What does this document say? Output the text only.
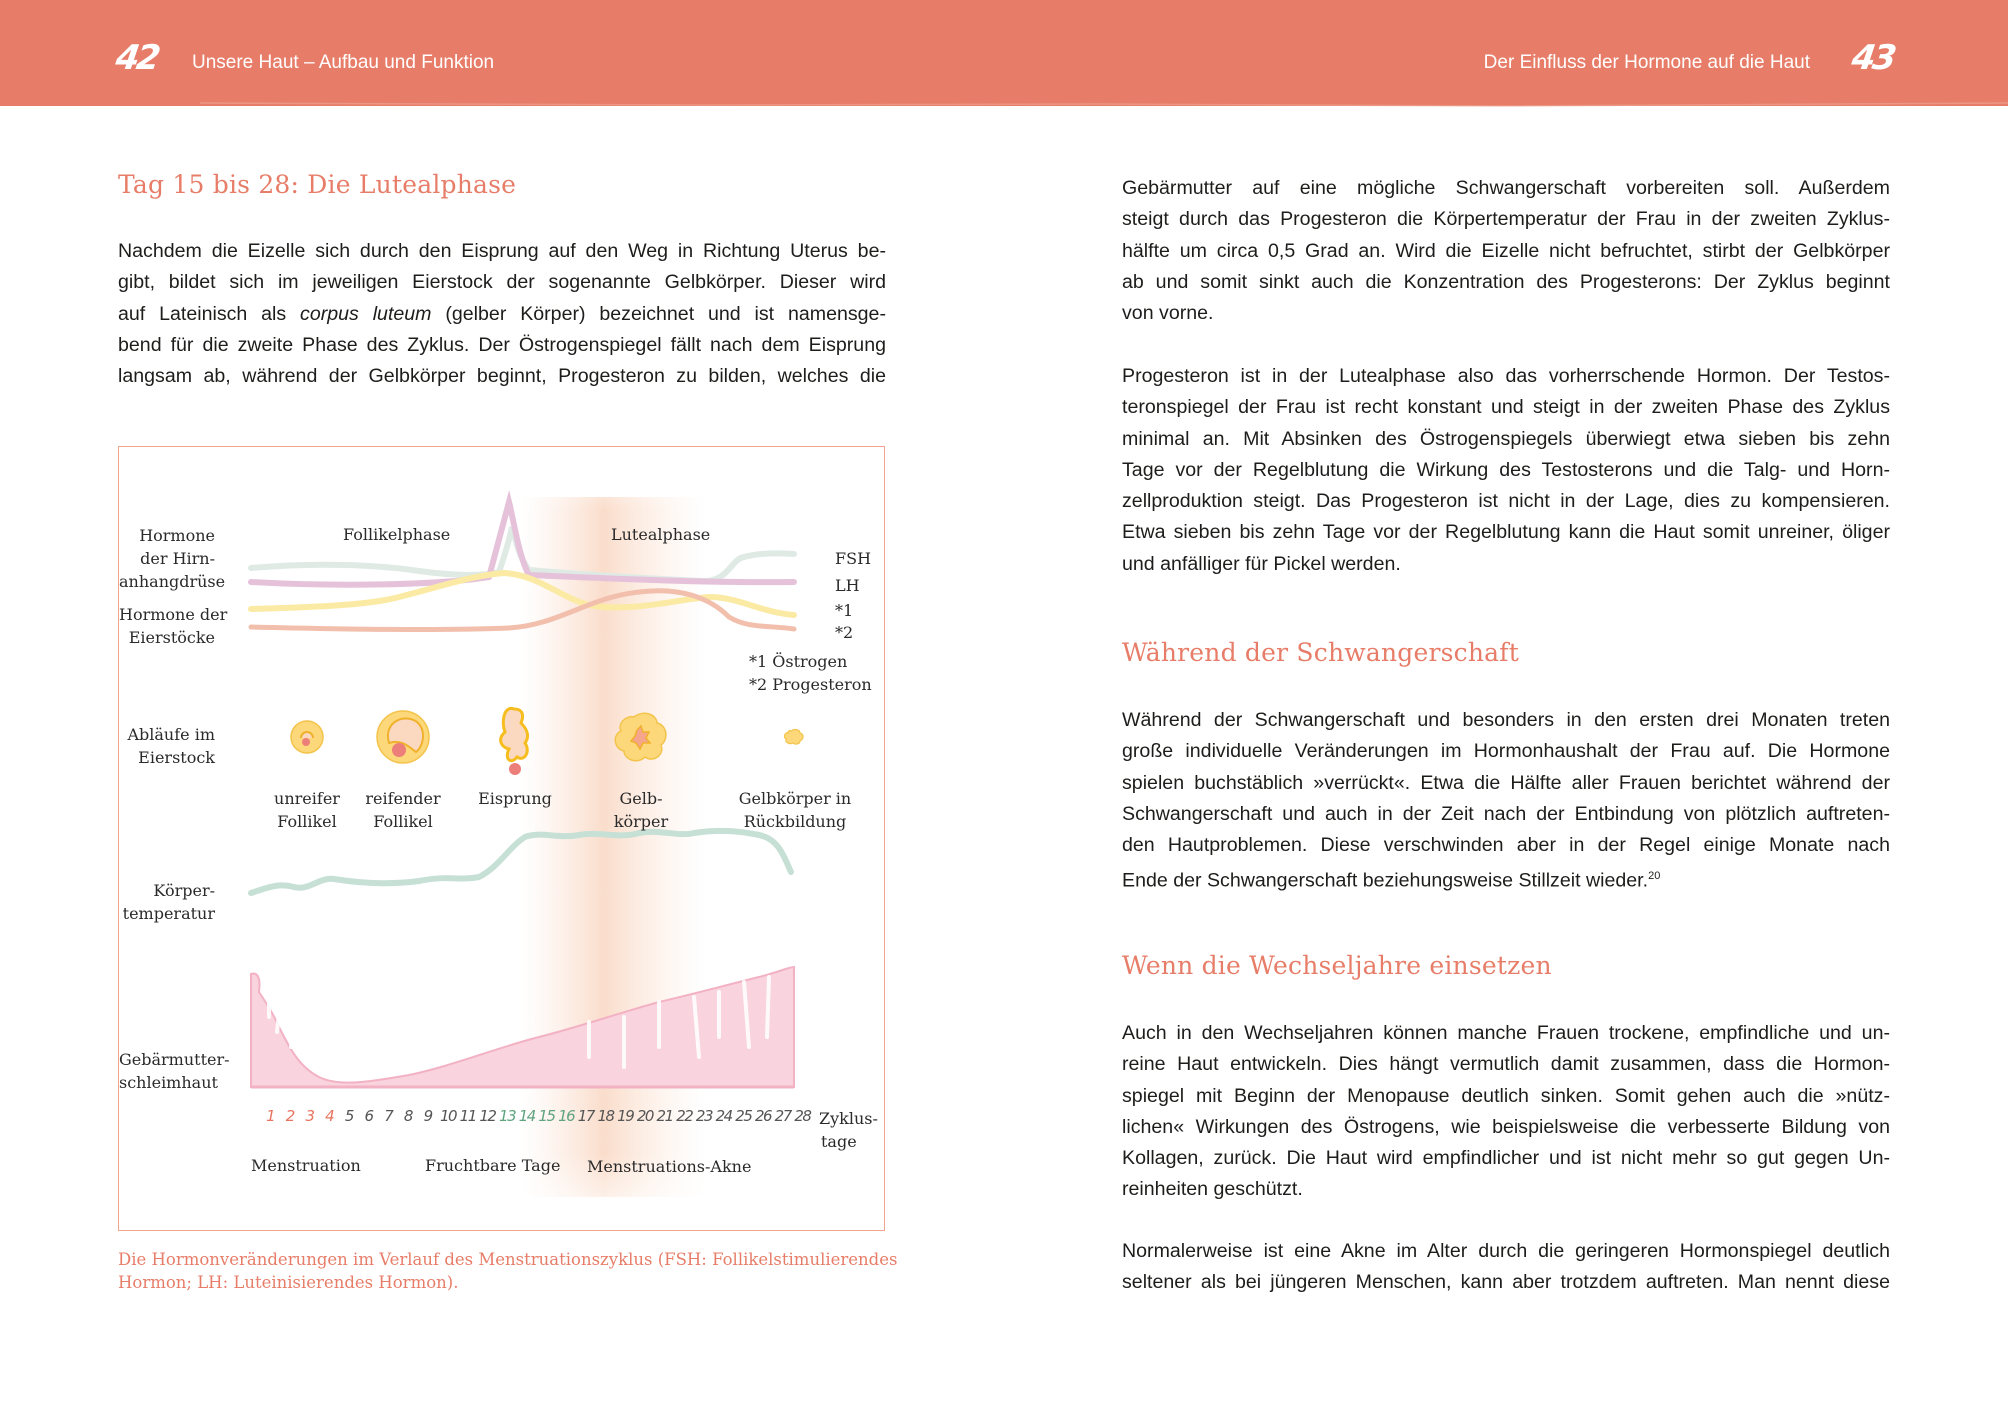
42 Unsere Haut – Aufbau und Funktion	Der Einfluss der Hormone auf die Haut 43
Tag 15 bis 28: Die Lutealphase
Nachdem die Eizelle sich durch den Eisprung auf den Weg in Richtung Uterus be-
gibt, bildet sich im jeweiligen Eierstock der sogenannte Gelbkörper. Dieser wird
auf Lateinisch als corpus luteum (gelber Körper) bezeichnet und ist namensge-
bend für die zweite Phase des Zyklus. Der Östrogenspiegel fällt nach dem Eisprung
langsam ab, während der Gelbkörper beginnt, Progesteron zu bilden, welches die
Hormone
der Hirn-
anhangdrüse
Hormone der
Eierstöcke
Abläufe im
Eierstock
Körper-
temperatur
Gebärmutter-
schleimhaut
Follikelphase	Lutealphase
FSH
LH
*1
*2
*1 Östrogen
*2 Progesteron
unreifer
Follikel
reifender
Follikel
Eisprung	Gelb-
körper
Gelbkörper in
Rückbildung
1 2 3 4 5 6 7 8 9 10 11 12 13 14 15 16 17 18 19 20 21 22 23 24 25 26 27 28 Zyklus-
tage
Menstruation	Fruchtbare Tage Menstruations-Akne
Die Hormonveränderungen im Verlauf des Menstruationszyklus (FSH: Follikelstimulierendes
Hormon; LH: Luteinisierendes Hormon).
Gebärmutter auf eine mögliche Schwangerschaft vorbereiten soll. Außerdem
steigt durch das Progesteron die Körpertemperatur der Frau in der zweiten Zyklus-
hälfte um circa 0,5 Grad an. Wird die Eizelle nicht befruchtet, stirbt der Gelbkörper
ab und somit sinkt auch die Konzentration des Progesterons: Der Zyklus beginnt
von vorne.
Progesteron ist in der Lutealphase also das vorherrschende Hormon. Der Testos-
teronspiegel der Frau ist recht konstant und steigt in der zweiten Phase des Zyklus
minimal an. Mit Absinken des Östrogenspiegels überwiegt etwa sieben bis zehn
Tage vor der Regelblutung die Wirkung des Testosterons und die Talg- und Horn-
zellproduktion steigt. Das Progesteron ist nicht in der Lage, dies zu kompensieren.
Etwa sieben bis zehn Tage vor der Regelblutung kann die Haut somit unreiner, öliger
und anfälliger für Pickel werden.
Während der Schwangerschaft
Während der Schwangerschaft und besonders in den ersten drei Monaten treten
große individuelle Veränderungen im Hormonhaushalt der Frau auf. Die Hormone
spielen buchstäblich »verrückt«. Etwa die Hälfte aller Frauen berichtet während der
Schwangerschaft und auch in der Zeit nach der Entbindung von plötzlich auftreten-
den Hautproblemen. Diese verschwinden aber in der Regel einige Monate nach
Ende der Schwangerschaft beziehungsweise Stillzeit wieder.$^{20}$
Wenn die Wechseljahre einsetzen
Auch in den Wechseljahren können manche Frauen trockene, empfindliche und un-
reine Haut entwickeln. Dies hängt vermutlich damit zusammen, dass die Hormon-
spiegel mit Beginn der Menopause deutlich sinken. Somit gehen auch die »nütz-
lichen« Wirkungen des Östrogens, wie beispielsweise die verbesserte Bildung von
Kollagen, zurück. Die Haut wird empfindlicher und ist nicht mehr so gut gegen Un-
reinheiten geschützt.
Normalerweise ist eine Akne im Alter durch die geringeren Hormonspiegel deutlich
seltener als bei jüngeren Menschen, kann aber trotzdem auftreten. Man nennt diese
